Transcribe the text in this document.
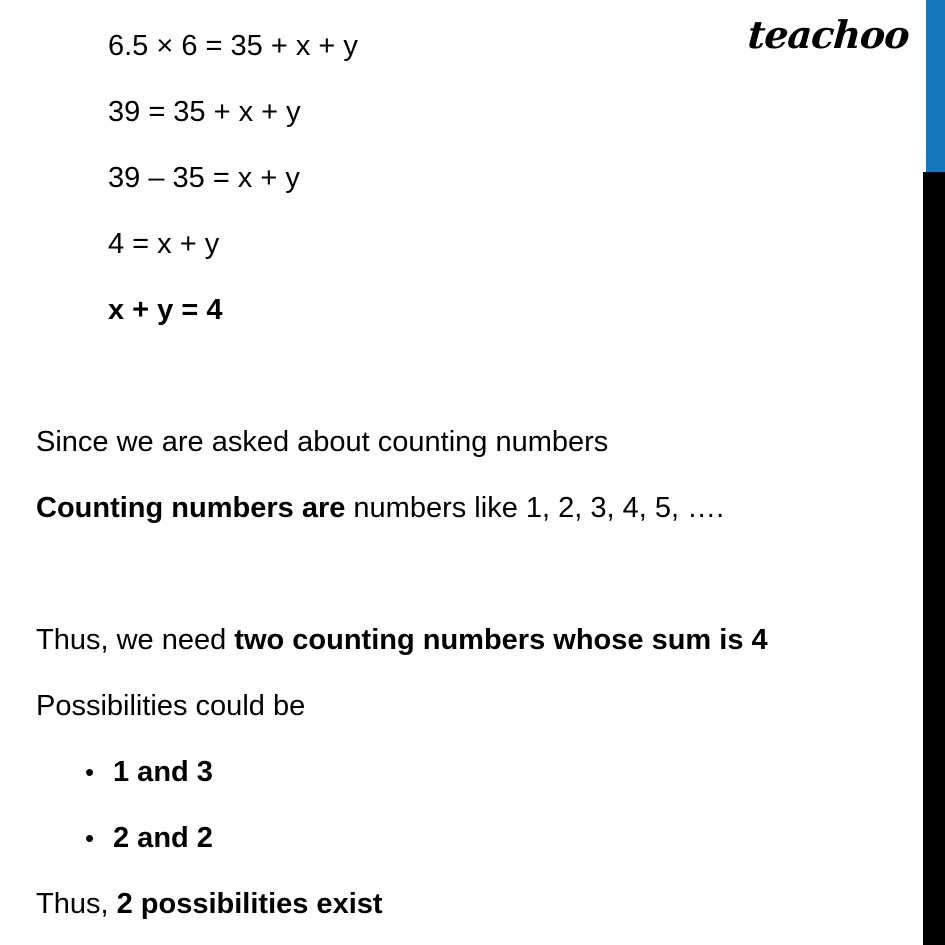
teachoo
6.5 × 6 = 35 + x + y
39 = 35 + x + y
39 – 35 = x + y
4 = x + y
x + y = 4
Since we are asked about counting numbers
Counting numbers are numbers like 1, 2, 3, 4, 5, ….
Thus, we need two counting numbers whose sum is 4
Possibilities could be
• 1 and 3
• 2 and 2
Thus, 2 possibilities exist
